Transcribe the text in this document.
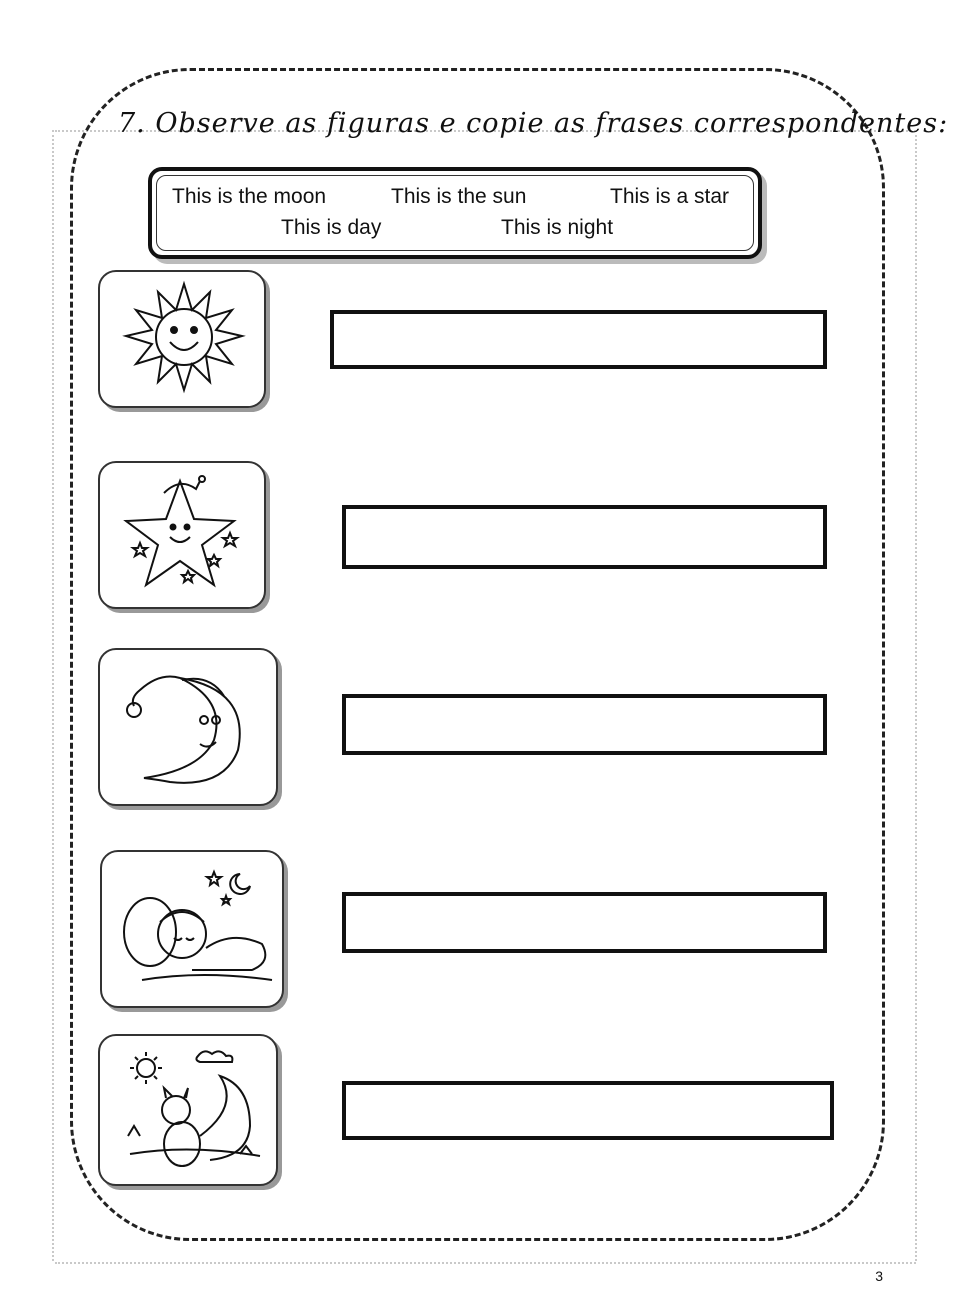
7. Observe as figuras e copie as frases correspondentes:
This is the moon	This is the sun	This is a star
This is day	This is night
3
